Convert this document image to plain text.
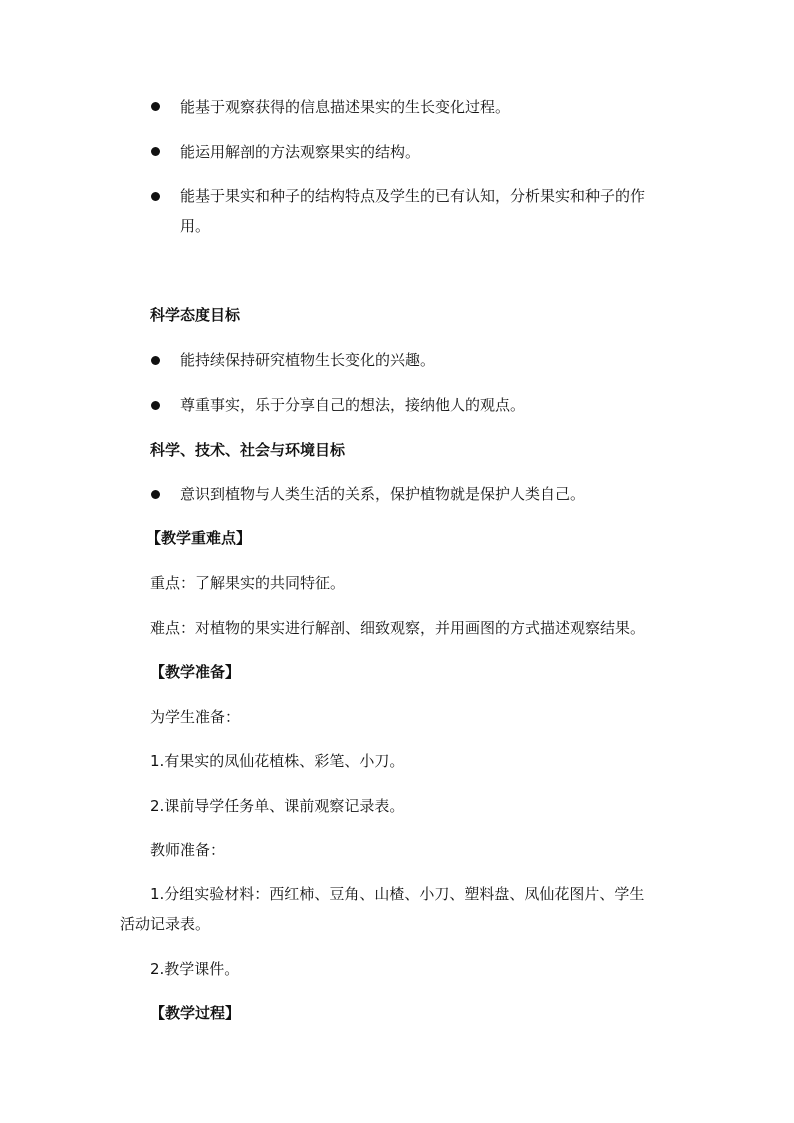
能基于观察获得的信息描述果实的生长变化过程。
能运用解剖的方法观察果实的结构。
能基于果实和种子的结构特点及学生的已有认知，分析果实和种子的作
用。
科学态度目标
能持续保持研究植物生长变化的兴趣。
尊重事实，乐于分享自己的想法，接纳他人的观点。
科学、技术、社会与环境目标
意识到植物与人类生活的关系，保护植物就是保护人类自己。
【教学重难点】
重点：了解果实的共同特征。
难点：对植物的果实进行解剖、细致观察，并用画图的方式描述观察结果。
【教学准备】
为学生准备：
1.有果实的凤仙花植株、彩笔、小刀。
2.课前导学任务单、课前观察记录表。
教师准备：
1.分组实验材料：西红柿、豆角、山楂、小刀、塑料盘、凤仙花图片、学生
活动记录表。
2.教学课件。
【教学过程】
